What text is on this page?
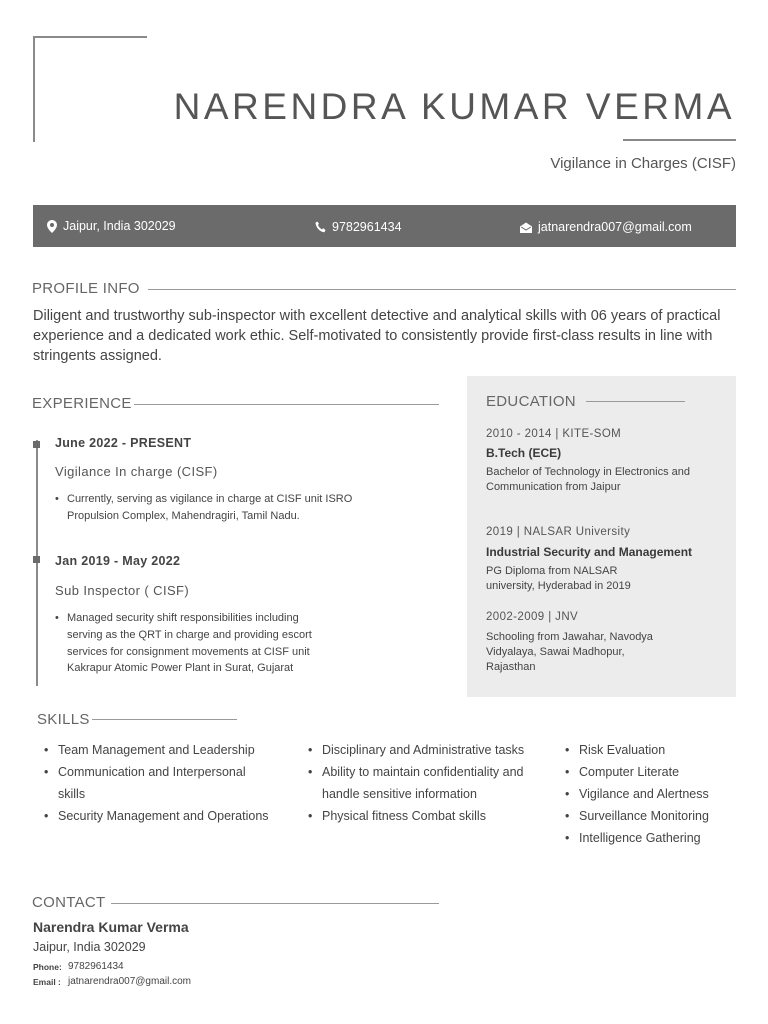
NARENDRA KUMAR VERMA
Vigilance in Charges (CISF)
Jaipur, India 302029	9782961434	jatnarendra007@gmail.com
PROFILE INFO

Diligent and trustworthy sub-inspector with excellent detective and analytical skills with 06 years of practical experience and a dedicated work ethic. Self-motivated to consistently provide first-class results in line with stringents assigned.

EXPERIENCE
June 2022 - PRESENT
Vigilance In charge (CISF)
• Currently, serving as vigilance in charge at CISF unit ISRO Propulsion Complex, Mahendragiri, Tamil Nadu.
Jan 2019 - May 2022
Sub Inspector ( CISF)
• Managed security shift responsibilities including serving as the QRT in charge and providing escort services for consignment movements at CISF unit Kakrapur Atomic Power Plant in Surat, Gujarat
EDUCATION
2010 - 2014 | KITE-SOM
B.Tech (ECE)
Bachelor of Technology in Electronics and Communication from Jaipur
2019 | NALSAR University
Industrial Security and Management
PG Diploma from NALSAR university, Hyderabad in 2019
2002-2009 | JNV
Schooling from Jawahar, Navodya Vidyalaya, Sawai Madhopur, Rajasthan
SKILLS
• Team Management and Leadership
• Communication and Interpersonal skills
• Security Management and Operations
• Disciplinary and Administrative tasks
• Ability to maintain confidentiality and handle sensitive information
• Physical fitness Combat skills
• Risk Evaluation
• Computer Literate
• Vigilance and Alertness
• Surveillance Monitoring
• Intelligence Gathering
CONTACT
Narendra Kumar Verma
Jaipur, India 302029
Phone: 9782961434
Email : jatnarendra007@gmail.com
